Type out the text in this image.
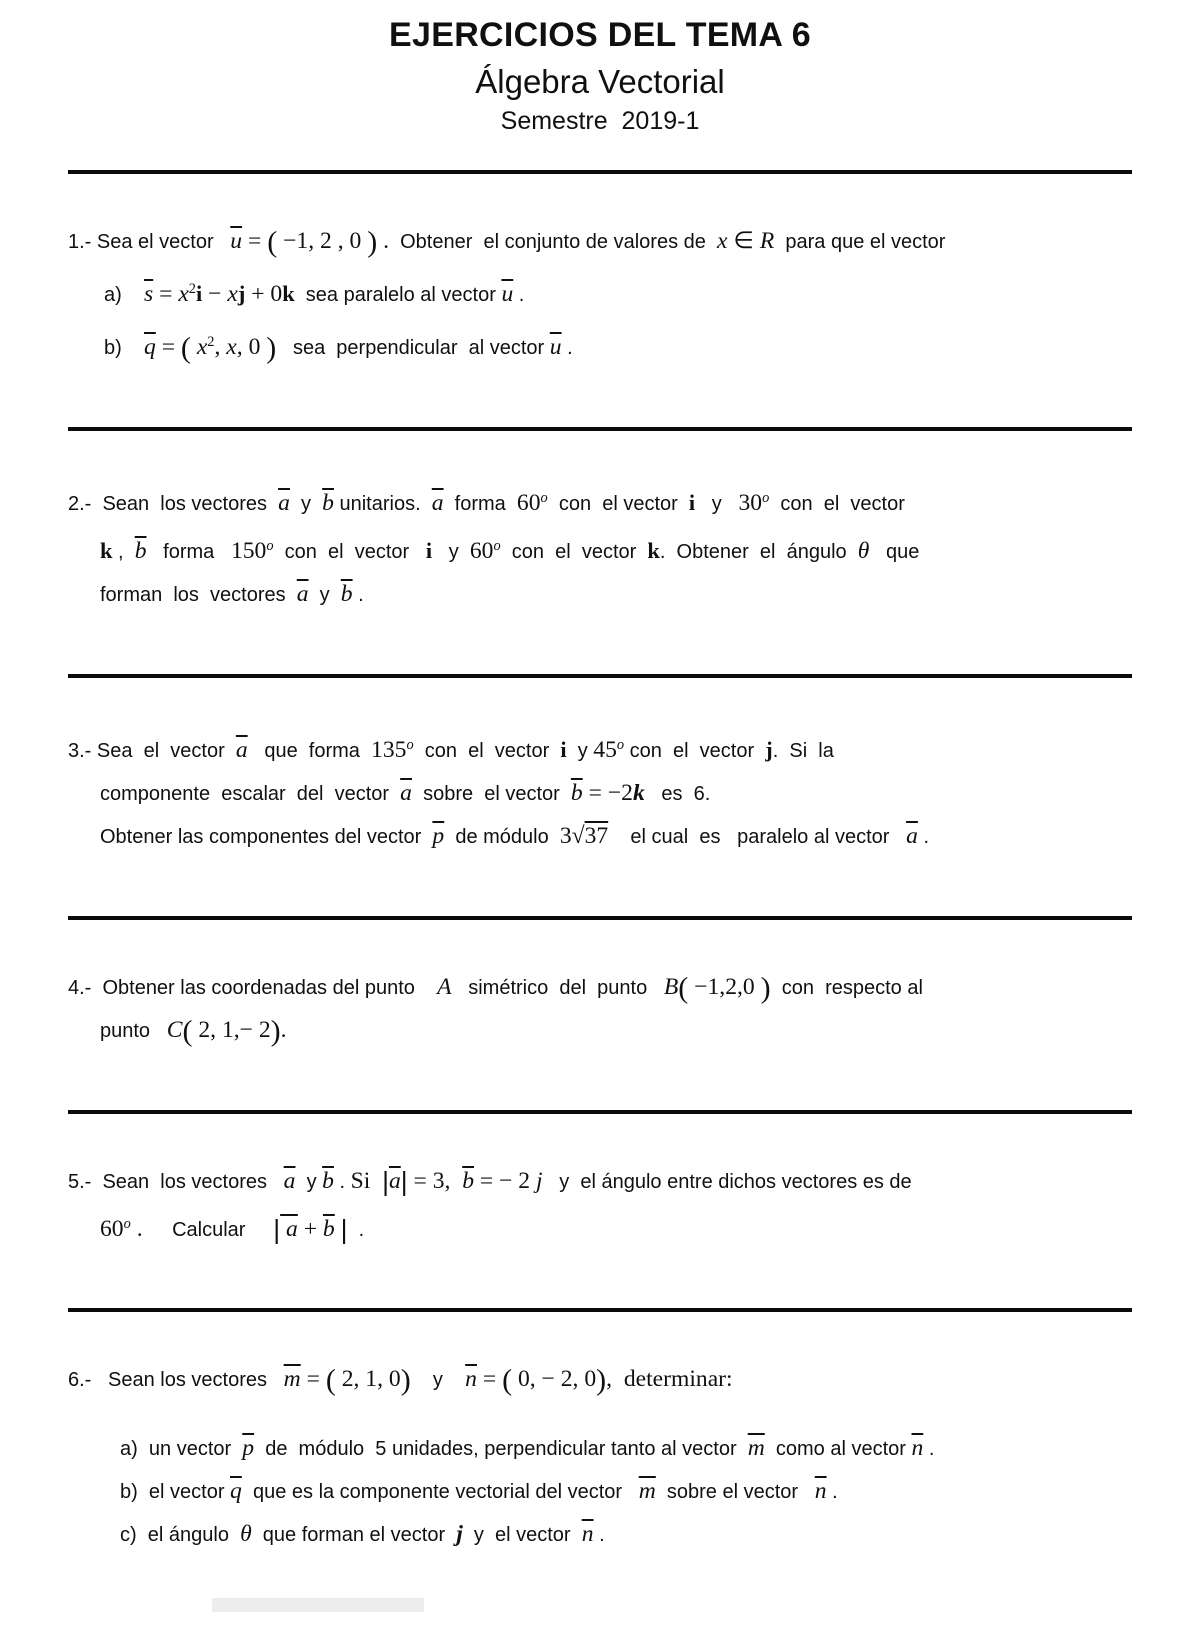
EJERCICIOS DEL TEMA 6
Álgebra Vectorial
Semestre  2019-1
1.- Sea el vector   $\overline{u}$ = ( −1, 2 , 0 ) .  Obtener  el conjunto de valores de  x ∈ R  para que el vector
a)    $\overline{s} = x^2i$ − xj + 0k  sea paralelo al vector $\overline{u}$ .
b)    $\overline{q}$ = ( $x^2$, x, 0 )   sea  perpendicular  al vector $\overline{u}$ .
2.-  Sean  los vectores  $\overline{a}$  y  $\overline{b}$ unitarios.  $\overline{a}$  forma  60$^o$  con  el vector  i   y   30$^o$  con  el  vector
k ,  $\overline{b}$   forma   150$^o$  con  el  vector   i   y  60$^o$  con  el  vector  k.  Obtener  el  ángulo  θ   que
forman  los  vectores  $\overline{a}$  y  $\overline{b}$ .
3.- Sea  el  vector  $\overline{a}$   que  forma  135$^o$  con  el  vector  i  y 45$^o$ con  el  vector  j.  Si  la
componente  escalar  del  vector  $\overline{a}$  sobre  el vector  $\overline{b} = -2k$   es  6.
Obtener las componentes del vector  $\overline{p}$  de módulo  3√37    el cual  es   paralelo al vector   $\overline{a}$ .
4.-  Obtener las coordenadas del punto    A   simétrico  del  punto   B( −1,2,0 )  con  respecto al
punto   C( 2, 1,− 2).
5.-  Sean  los vectores   $\overline{a}$  y $\overline{b}$ . Si  $|\overline{a}| = 3$,  $\overline{b}$ = − 2 j   y  el ángulo entre dichos vectores es de
60$^o$ .     Calcular     | $a + \overline{b}$ |  .
6.-   Sean los vectores   $\overline{m}$ = ( 2, 1, 0)    y    $\overline{n}$ = ( 0, − 2, 0),  determinar:
a)  un vector  $\overline{p}$  de  módulo  5 unidades, perpendicular tanto al vector  $\overline{m}$  como al vector $\overline{n}$ .
b)  el vector $\overline{q}$  que es la componente vectorial del vector   $\overline{m}$  sobre el vector   $\overline{n}$ .
c)  el ángulo  θ  que forman el vector  j  y  el vector  $\overline{n}$ .
